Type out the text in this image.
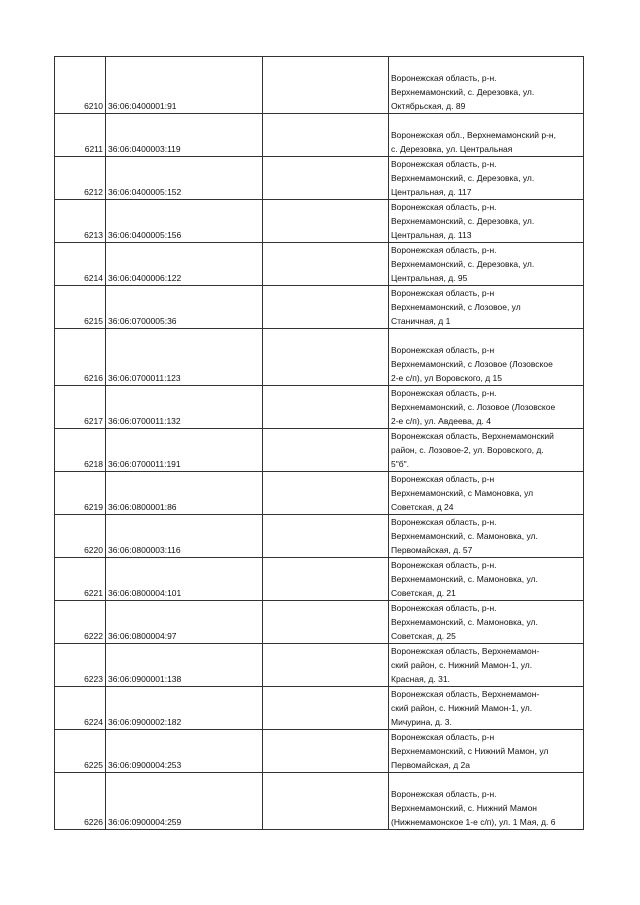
6210	36:06:0400001:91		Воронежская область, р-н.
Верхнемамонский, с. Дерезовка, ул.
Октябрьская, д. 89

6211	36:06:0400003:119		Воронежская обл., Верхнемамонский р-н,
с. Дерезовка, ул. Центральная

6212	36:06:0400005:152		Воронежская область, р-н.
Верхнемамонский, с. Дерезовка, ул.
Центральная, д. 117

6213	36:06:0400005:156		Воронежская область, р-н.
Верхнемамонский, с. Дерезовка, ул.
Центральная, д. 113

6214	36:06:0400006:122		Воронежская область, р-н.
Верхнемамонский, с. Дерезовка, ул.
Центральная, д. 95

6215	36:06:0700005:36		Воронежская область, р-н
Верхнемамонский, с Лозовое, ул
Станичная, д 1

6216	36:06:0700011:123		Воронежская область, р-н
Верхнемамонский, с Лозовое (Лозовское
2-е с/п), ул Воровского, д 15

6217	36:06:0700011:132		Воронежская область, р-н.
Верхнемамонский, с. Лозовое (Лозовское
2-е с/п), ул. Авдеева, д. 4

6218	36:06:0700011:191		Воронежская область, Верхнемамонский
район, с. Лозовое-2, ул. Воровского, д.
5"б".

6219	36:06:0800001:86		Воронежская область, р-н
Верхнемамонский, с Мамоновка, ул
Советская, д 24

6220	36:06:0800003:116		Воронежская область, р-н.
Верхнемамонский, с. Мамоновка, ул.
Первомайская, д. 57

6221	36:06:0800004:101		Воронежская область, р-н.
Верхнемамонский, с. Мамоновка, ул.
Советская, д. 21

6222	36:06:0800004:97		Воронежская область, р-н.
Верхнемамонский, с. Мамоновка, ул.
Советская, д. 25

6223	36:06:0900001:138		Воронежская область, Верхнемамон-
ский район, с. Нижний Мамон-1, ул.
Красная, д. 31.

6224	36:06:0900002:182		Воронежская область, Верхнемамон-
ский район, с. Нижний Мамон-1, ул.
Мичурина, д. 3.

6225	36:06:0900004:253		Воронежская область, р-н
Верхнемамонский, с Нижний Мамон, ул
Первомайская, д 2а

6226	36:06:0900004:259		Воронежская область, р-н.
Верхнемамонский, с. Нижний Мамон
(Нижнемамонское 1-е с/п), ул. 1 Мая, д. 6
